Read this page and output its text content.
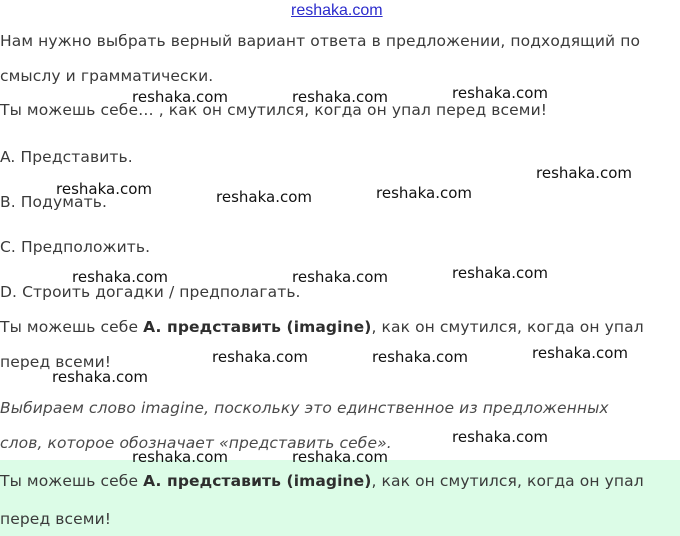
reshaka.com
Нам нужно выбрать верный вариант ответа в предложении, подходящий по
смыслу и грамматически.
Ты можешь себе… , как он смутился, когда он упал перед всеми!
A. Представить.
B. Подумать.
C. Предположить.
D. Строить догадки / предполагать.
Ты можешь себе A. представить (imagine), как он смутился, когда он упал
перед всеми!
Выбираем слово imagine, поскольку это единственное из предложенных
слов, которое обозначает «представить себе».
Ты можешь себе A. представить (imagine), как он смутился, когда он упал
перед всеми!
reshaka.com	reshaka.com	reshaka.com
reshaka.com
reshaka.com	reshaka.com	reshaka.com
reshaka.com	reshaka.com	reshaka.com
reshaka.com	reshaka.com	reshaka.com
reshaka.com
reshaka.com
reshaka.com	reshaka.com
